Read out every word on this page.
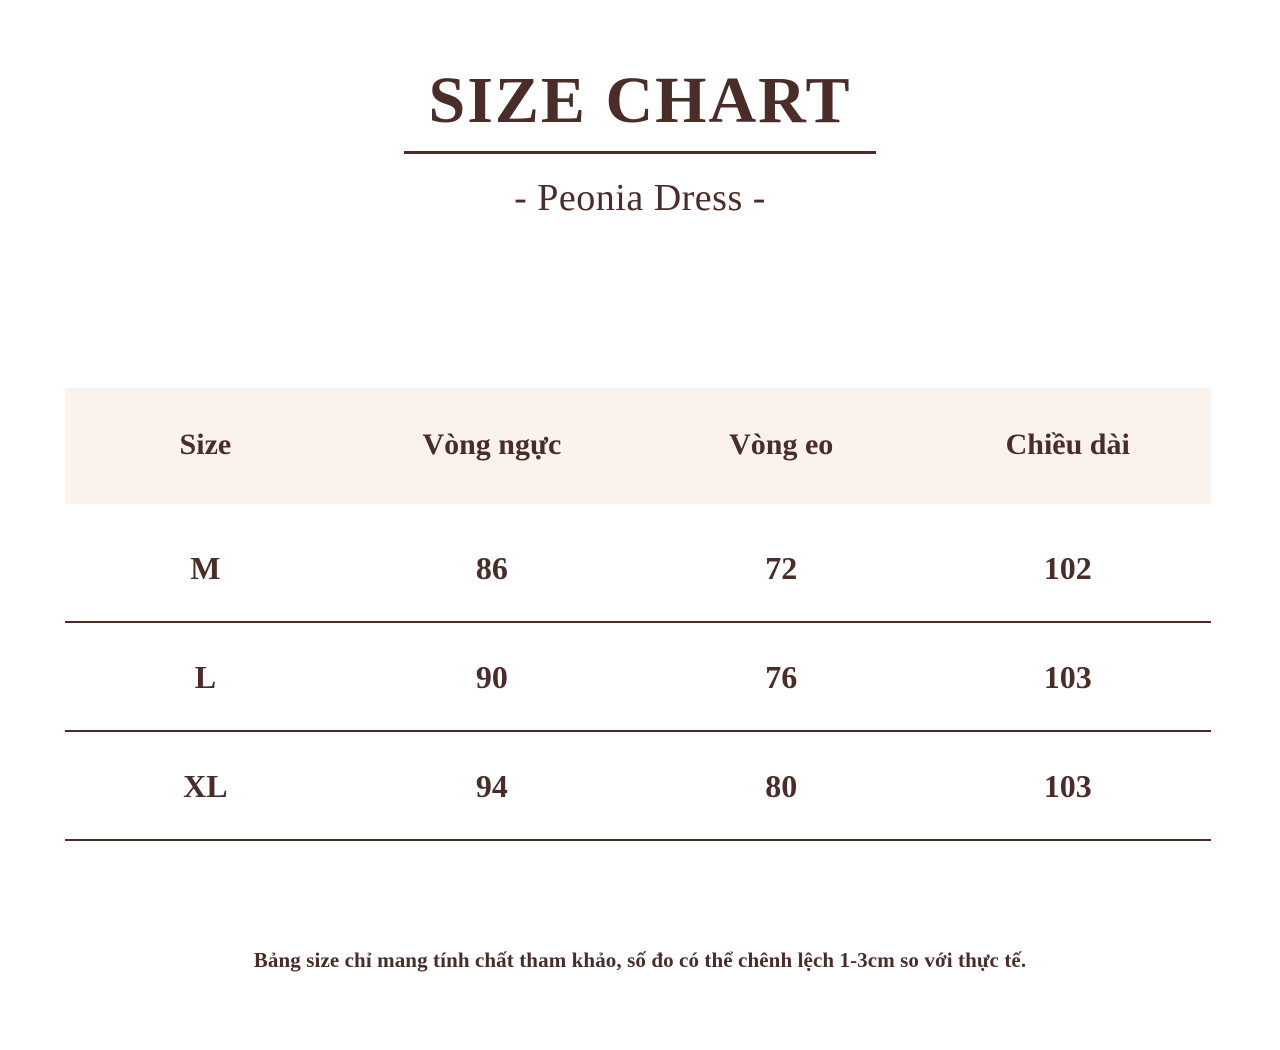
SIZE CHART

- Peonia Dress -

Size	Vòng ngực	Vòng eo	Chiều dài
M	86	72	102
L	90	76	103
XL	94	80	103
Bảng size chỉ mang tính chất tham khảo, số đo có thể chênh lệch 1-3cm so với thực tế.
